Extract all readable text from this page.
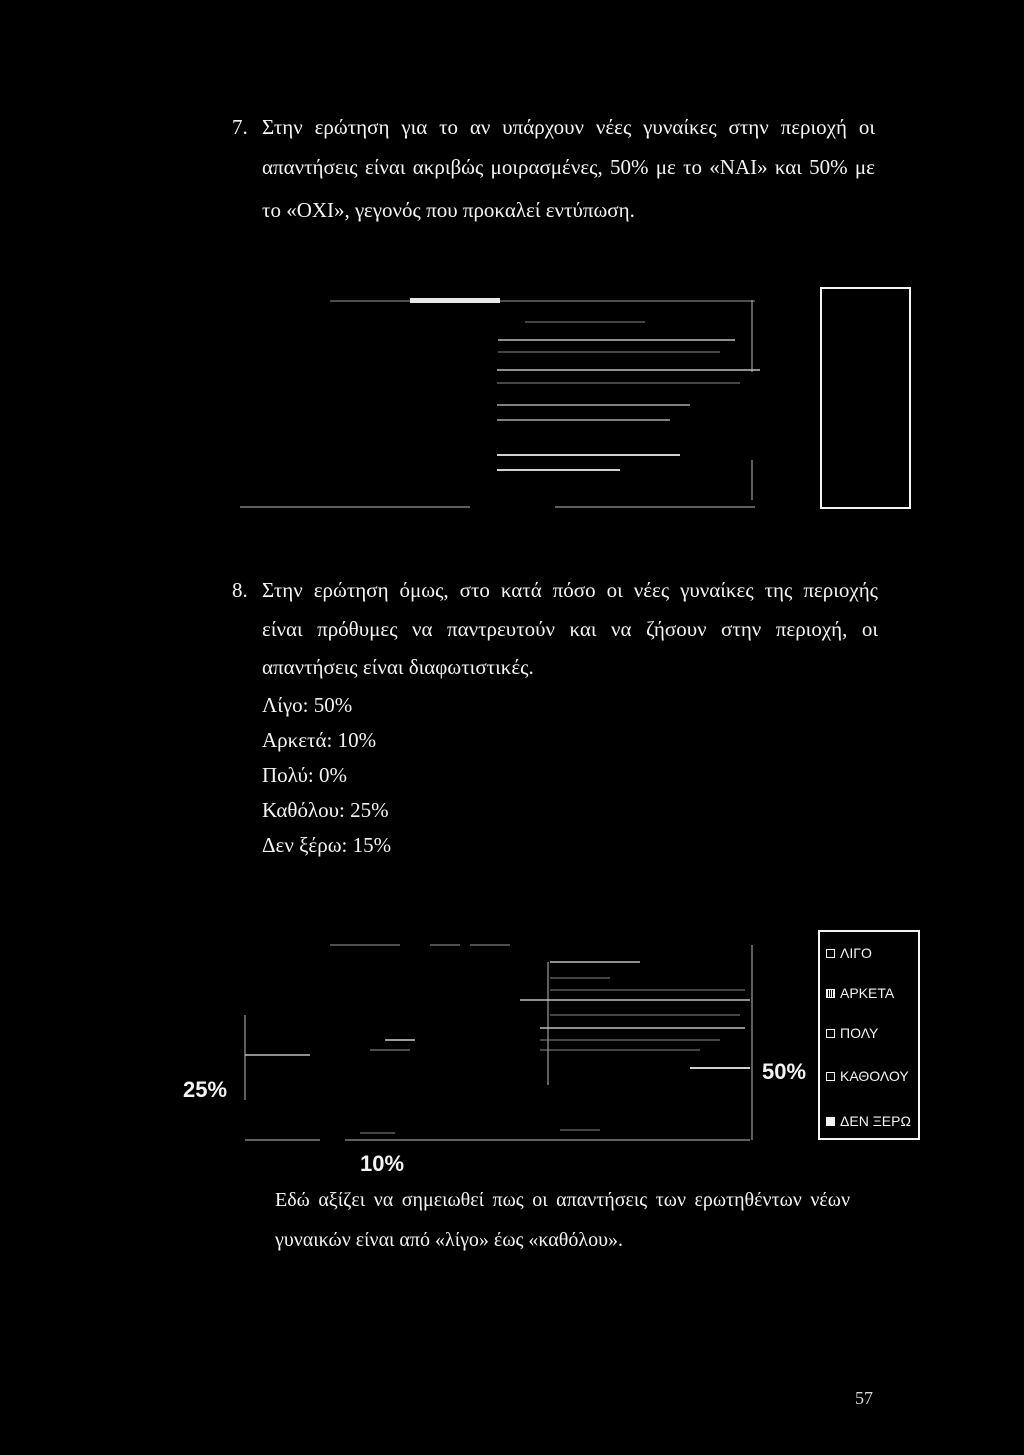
7. Στην ερώτηση για το αν υπάρχουν νέες γυναίκες στην περιοχή οι
απαντήσεις είναι ακριβώς μοιρασμένες, 50% με το «ΝΑΙ» και 50% με
το «ΟΧΙ», γεγονός που προκαλεί εντύπωση.
8. Στην ερώτηση όμως, στο κατά πόσο οι νέες γυναίκες της περιοχής
είναι πρόθυμες να παντρευτούν και να ζήσουν στην περιοχή, οι
απαντήσεις είναι διαφωτιστικές.
Λίγο: 50%
Αρκετά: 10%
Πολύ: 0%
Καθόλου: 25%
Δεν ξέρω: 15%
25%
10%
50%
ΛΙΓΟ
ΑΡΚΕΤΑ
ΠΟΛΥ
ΚΑΘΟΛΟΥ
ΔΕΝ ΞΕΡΩ
Εδώ αξίζει να σημειωθεί πως οι απαντήσεις των ερωτηθέντων νέων
γυναικών είναι από «λίγο» έως «καθόλου».
57
